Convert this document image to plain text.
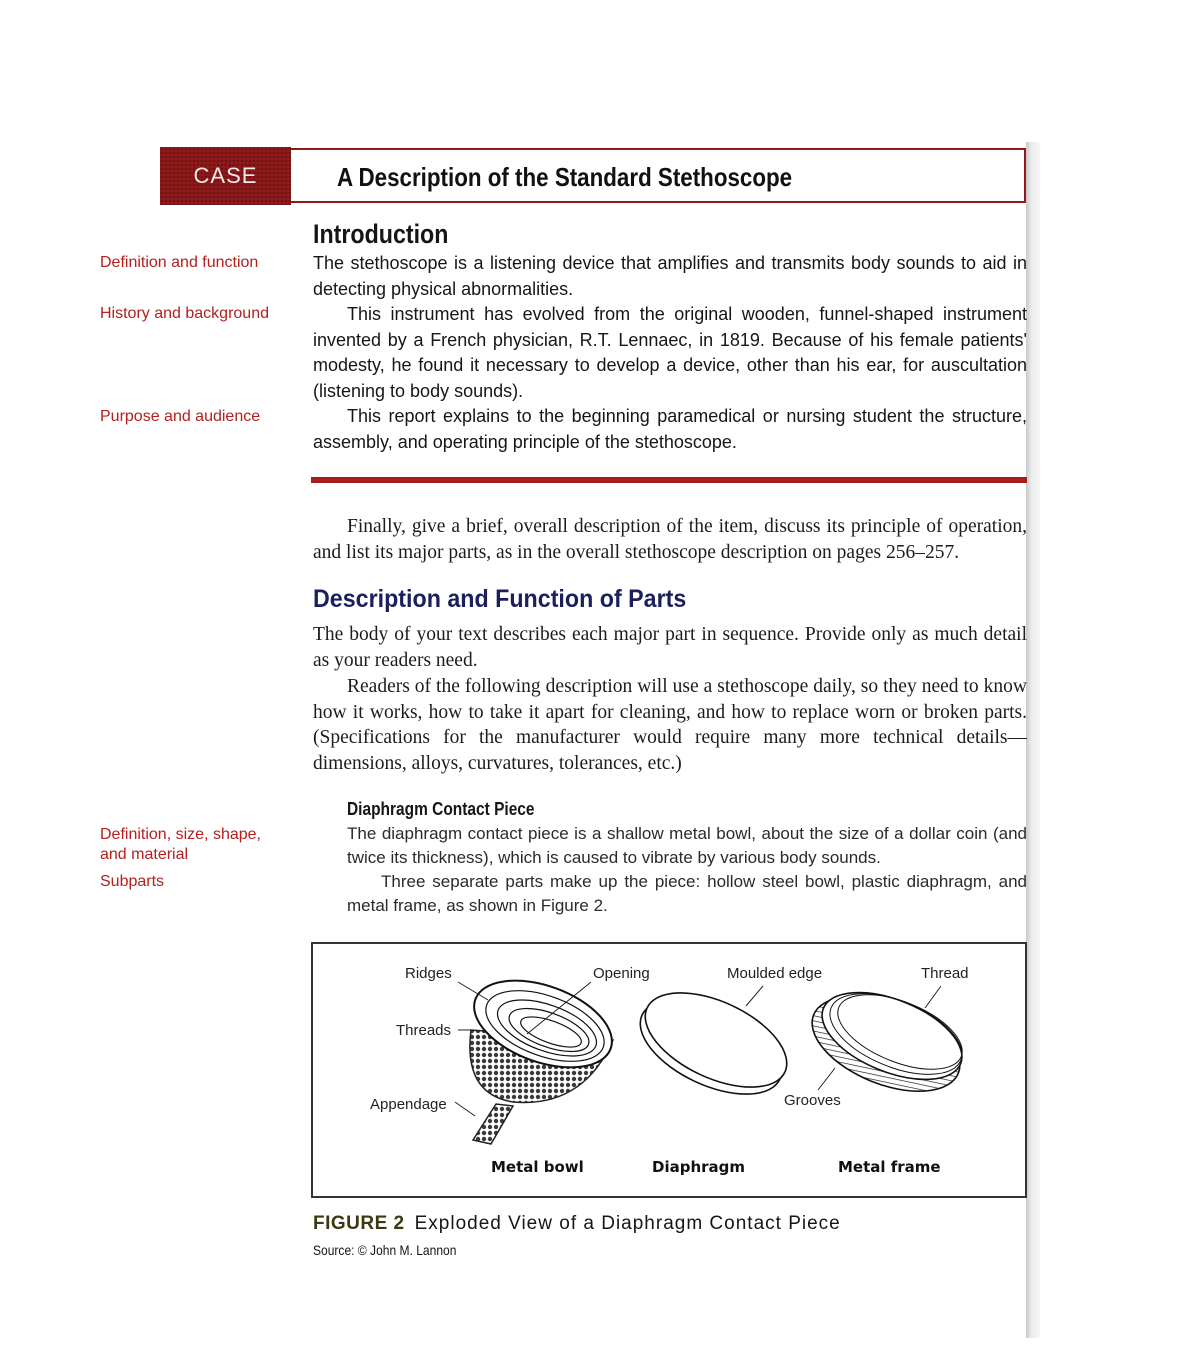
CASE	A Description of the Standard Stethoscope
Definition and function
History and background
Purpose and audience
Definition, size, shape, and material
Subparts
Introduction
The stethoscope is a listening device that amplifies and transmits body sounds to aid in detecting physical abnormalities.
This instrument has evolved from the original wooden, funnel-shaped instrument invented by a French physician, R.T. Lennaec, in 1819. Because of his female patients' modesty, he found it necessary to develop a device, other than his ear, for auscultation (listening to body sounds).
This report explains to the beginning paramedical or nursing student the structure, assembly, and operating principle of the stethoscope.
Finally, give a brief, overall description of the item, discuss its principle of operation, and list its major parts, as in the overall stethoscope description on pages 256–257.
Description and Function of Parts
The body of your text describes each major part in sequence. Provide only as much detail as your readers need.
Readers of the following description will use a stethoscope daily, so they need to know how it works, how to take it apart for cleaning, and how to replace worn or broken parts. (Specifications for the manufacturer would require many more technical details—dimensions, alloys, curvatures, tolerances, etc.)
Diaphragm Contact Piece
The diaphragm contact piece is a shallow metal bowl, about the size of a dollar coin (and twice its thickness), which is caused to vibrate by various body sounds.
Three separate parts make up the piece: hollow steel bowl, plastic diaphragm, and metal frame, as shown in Figure 2.
Ridges
Threads
Appendage
Opening	Moulded edge	Thread
Grooves
Metal bowl	Diaphragm	Metal frame
FIGURE 2 Exploded View of a Diaphragm Contact Piece
Source: © John M. Lannon
